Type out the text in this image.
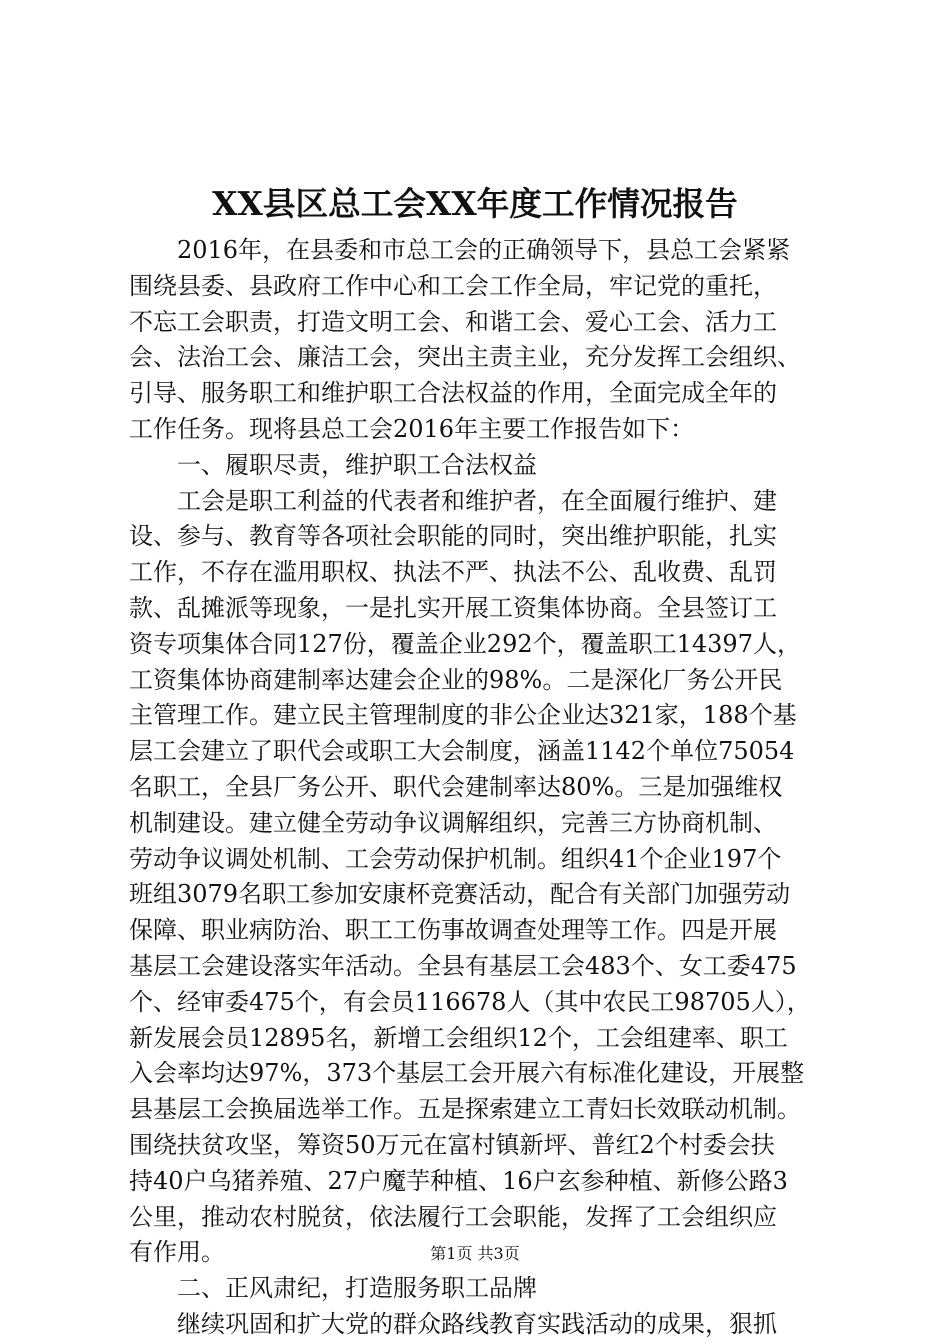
XX县区总工会XX年度工作情况报告
　　2016年，在县委和市总工会的正确领导下，县总工会紧紧
围绕县委、县政府工作中心和工会工作全局，牢记党的重托，
不忘工会职责，打造文明工会、和谐工会、爱心工会、活力工
会、法治工会、廉洁工会，突出主责主业，充分发挥工会组织、
引导、服务职工和维护职工合法权益的作用，全面完成全年的
工作任务。现将县总工会2016年主要工作报告如下：
　　一、履职尽责，维护职工合法权益
　　工会是职工利益的代表者和维护者，在全面履行维护、建
设、参与、教育等各项社会职能的同时，突出维护职能，扎实
工作，不存在滥用职权、执法不严、执法不公、乱收费、乱罚
款、乱摊派等现象，一是扎实开展工资集体协商。全县签订工
资专项集体合同127份，覆盖企业292个，覆盖职工14397人，
工资集体协商建制率达建会企业的98%。二是深化厂务公开民
主管理工作。建立民主管理制度的非公企业达321家，188个基
层工会建立了职代会或职工大会制度，涵盖1142个单位75054
名职工，全县厂务公开、职代会建制率达80%。三是加强维权
机制建设。建立健全劳动争议调解组织，完善三方协商机制、
劳动争议调处机制、工会劳动保护机制。组织41个企业197个
班组3079名职工参加安康杯竞赛活动，配合有关部门加强劳动
保障、职业病防治、职工工伤事故调查处理等工作。四是开展
基层工会建设落实年活动。全县有基层工会483个、女工委475
个、经审委475个，有会员116678人（其中农民工98705人），
新发展会员12895名，新增工会组织12个，工会组建率、职工
入会率均达97%，373个基层工会开展六有标准化建设，开展整
县基层工会换届选举工作。五是探索建立工青妇长效联动机制。
围绕扶贫攻坚，筹资50万元在富村镇新坪、普红2个村委会扶
持40户乌猪养殖、27户魔芋种植、16户玄参种植、新修公路3
公里，推动农村脱贫，依法履行工会职能，发挥了工会组织应
有作用。
　　二、正风肃纪，打造服务职工品牌
　　继续巩固和扩大党的群众路线教育实践活动的成果，狠抓
第1页 共3页
